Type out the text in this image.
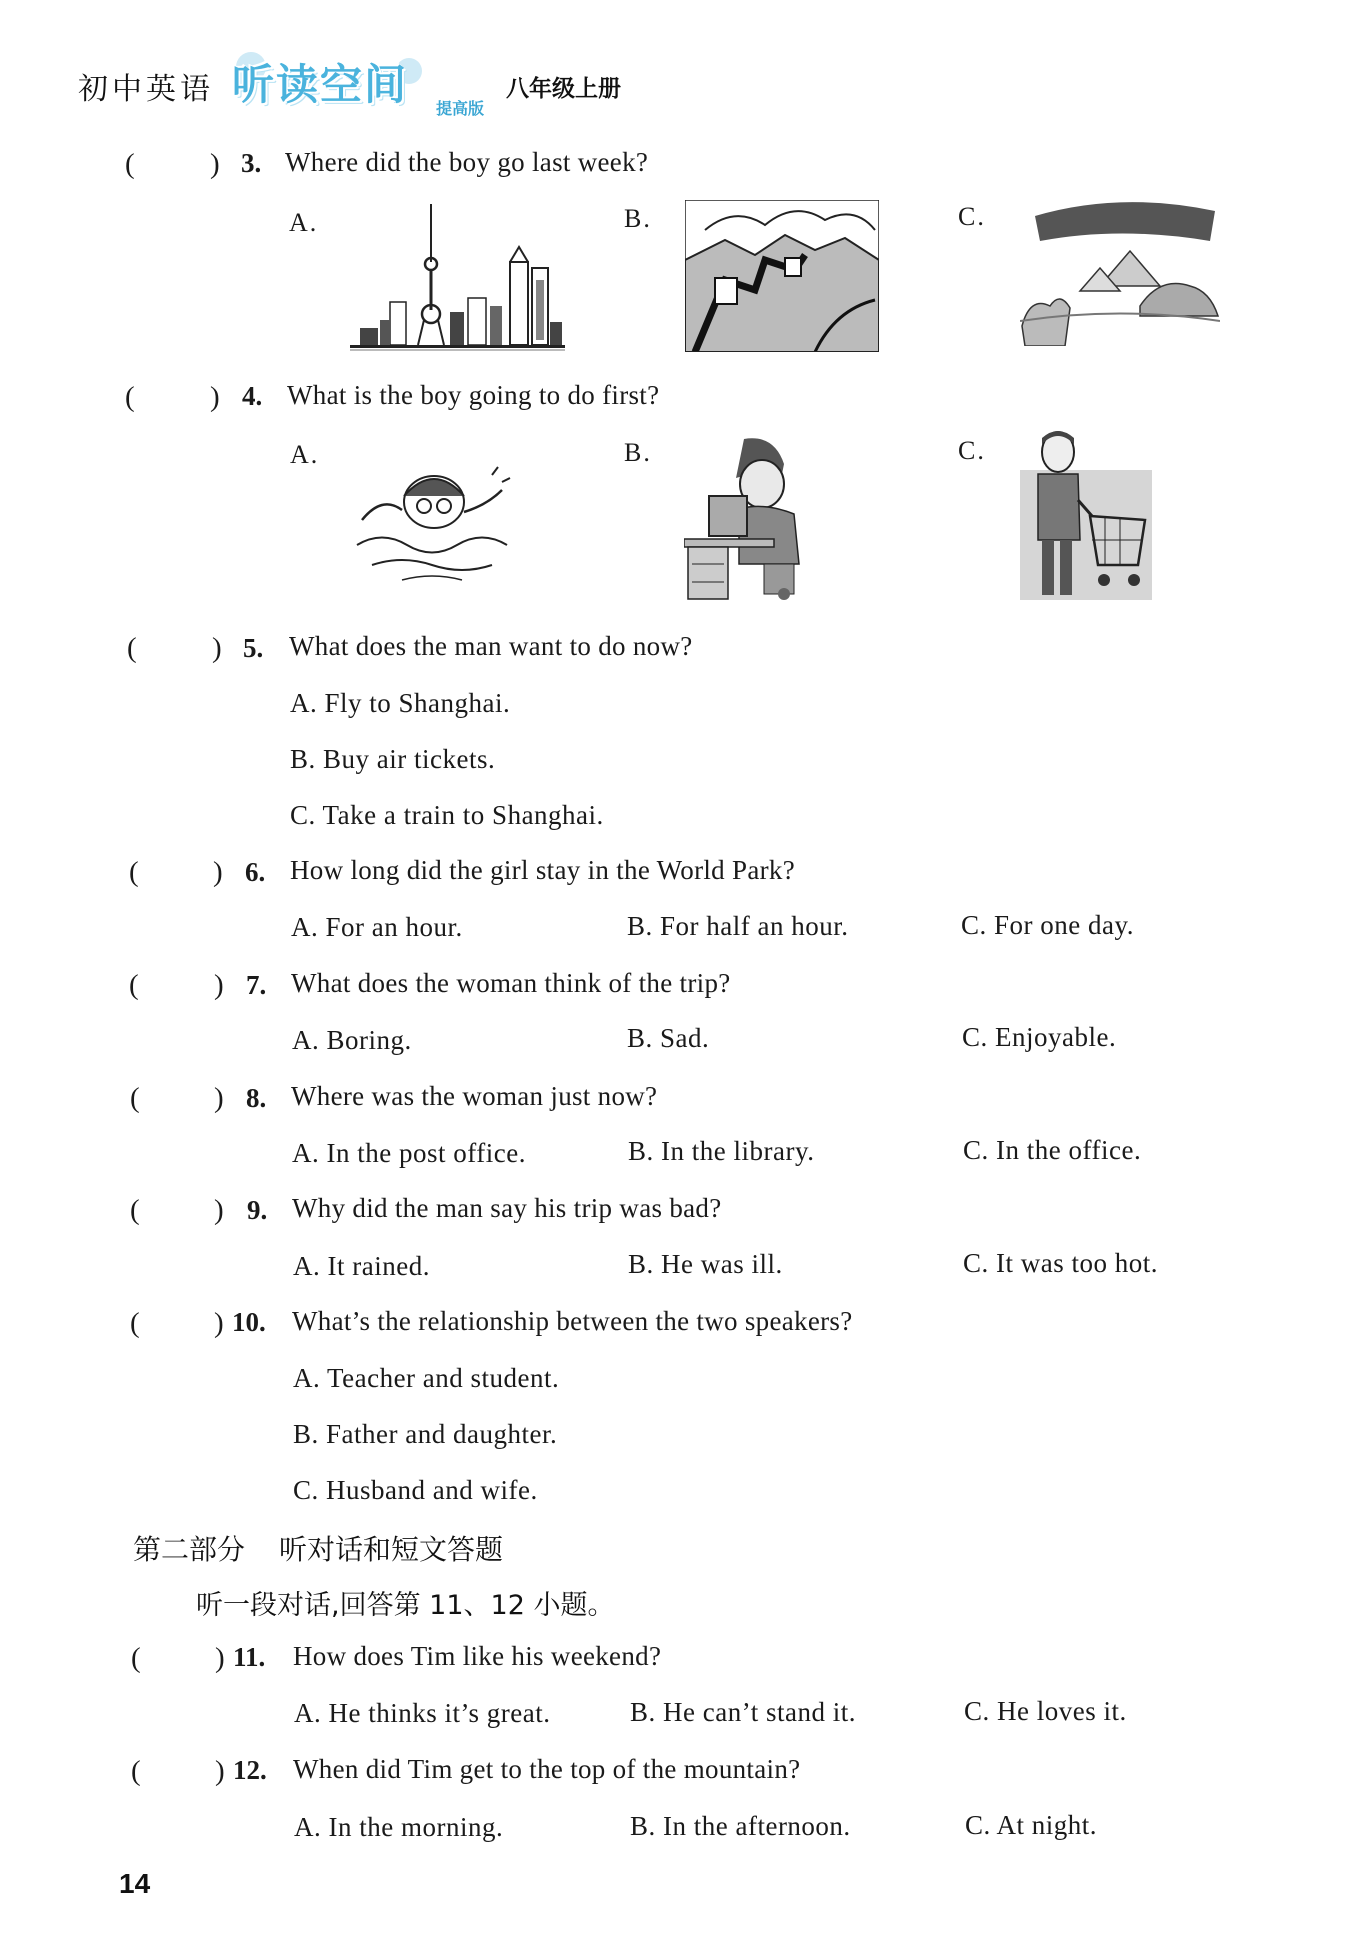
初中英语 听读空间 提高版
八年级上册
(	) 3. Where did the boy go last week?
A.	B.	C.
(	) 4. What is the boy going to do first?
A.	B.	C.
(	) 5. What does the man want to do now?
A. Fly to Shanghai.
B. Buy air tickets.
C. Take a train to Shanghai.
(	) 6. How long did the girl stay in the World Park?
A. For an hour.	B. For half an hour.	C. For one day.
(	) 7. What does the woman think of the trip?
A. Boring.	B. Sad.	C. Enjoyable.
(	) 8. Where was the woman just now?
A. In the post office.	B. In the library.	C. In the office.
(	) 9. Why did the man say his trip was bad?
A. It rained.	B. He was ill.	C. It was too hot.
(	) 10. What’s the relationship between the two speakers?
A. Teacher and student.
B. Father and daughter.
C. Husband and wife.
第二部分 听对话和短文答题
听一段对话,回答第 11、12 小题。
(	) 11. How does Tim like his weekend?
A. He thinks it’s great.	B. He can’t stand it.	C. He loves it.
(	) 12. When did Tim get to the top of the mountain?
A. In the morning.	B. In the afternoon.	C. At night.
14
